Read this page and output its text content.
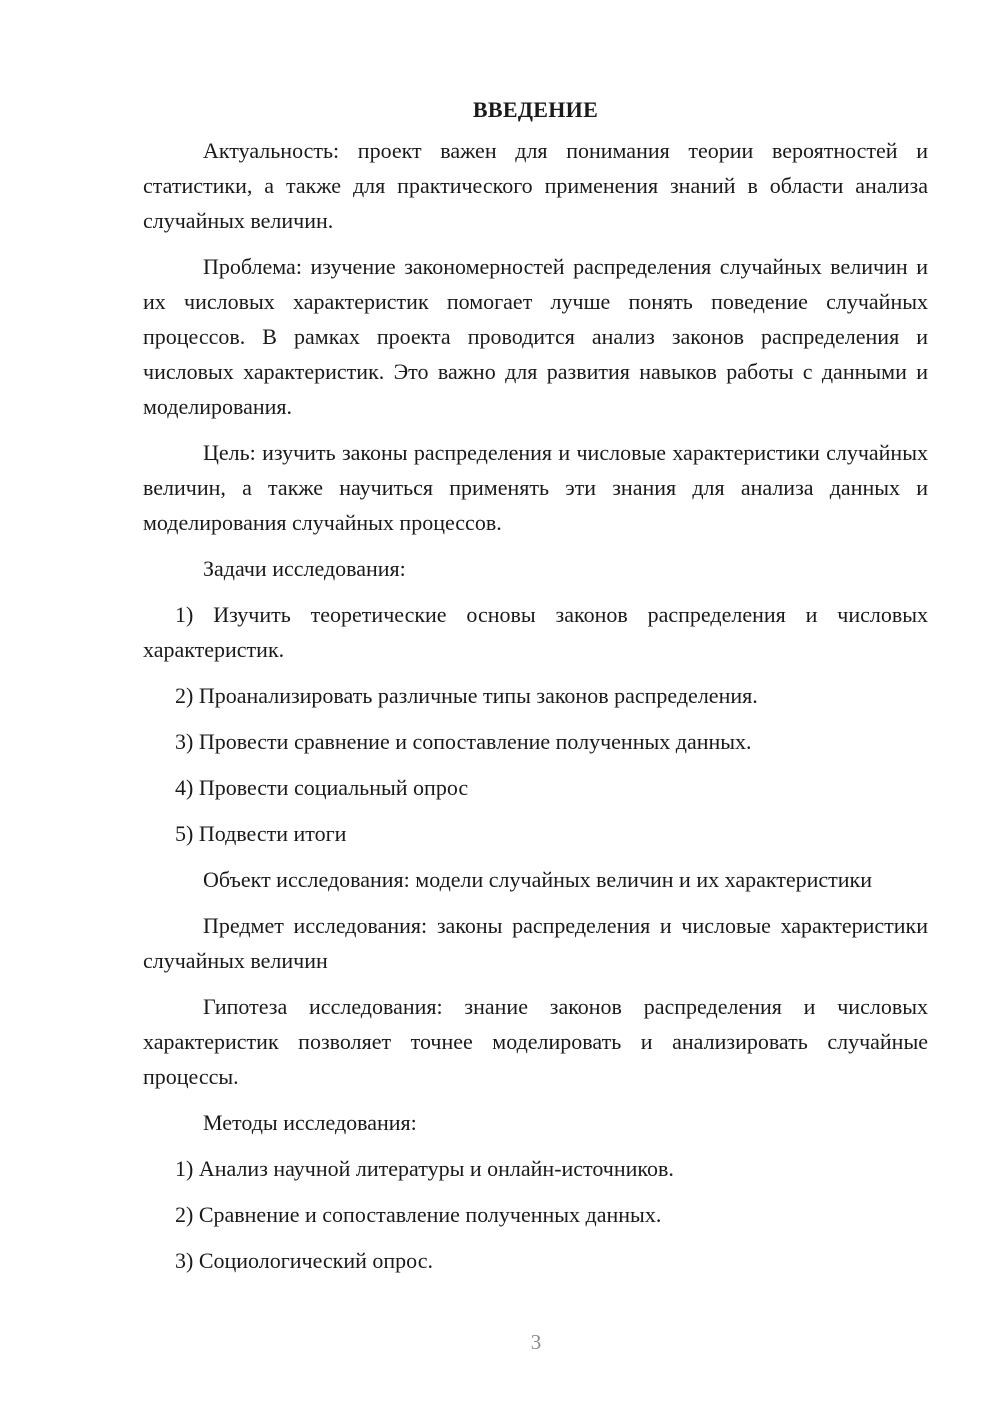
ВВЕДЕНИЕ

Актуальность: проект важен для понимания теории вероятностей и статистики, а также для практического применения знаний в области анализа случайных величин.

Проблема: изучение закономерностей распределения случайных величин и их числовых характеристик помогает лучше понять поведение случайных процессов. В рамках проекта проводится анализ законов распределения и числовых характеристик. Это важно для развития навыков работы с данными и моделирования.

Цель: изучить законы распределения и числовые характеристики случайных величин, а также научиться применять эти знания для анализа данных и моделирования случайных процессов.

Задачи исследования:

1) Изучить теоретические основы законов распределения и числовых характеристик.

2) Проанализировать различные типы законов распределения.

3) Провести сравнение и сопоставление полученных данных.

4) Провести социальный опрос

5) Подвести итоги

Объект исследования: модели случайных величин и их характеристики

Предмет исследования: законы распределения и числовые характеристики случайных величин

Гипотеза исследования: знание законов распределения и числовых характеристик позволяет точнее моделировать и анализировать случайные процессы.

Методы исследования:

1) Анализ научной литературы и онлайн-источников.

2) Сравнение и сопоставление полученных данных.

3) Социологический опрос.

3
